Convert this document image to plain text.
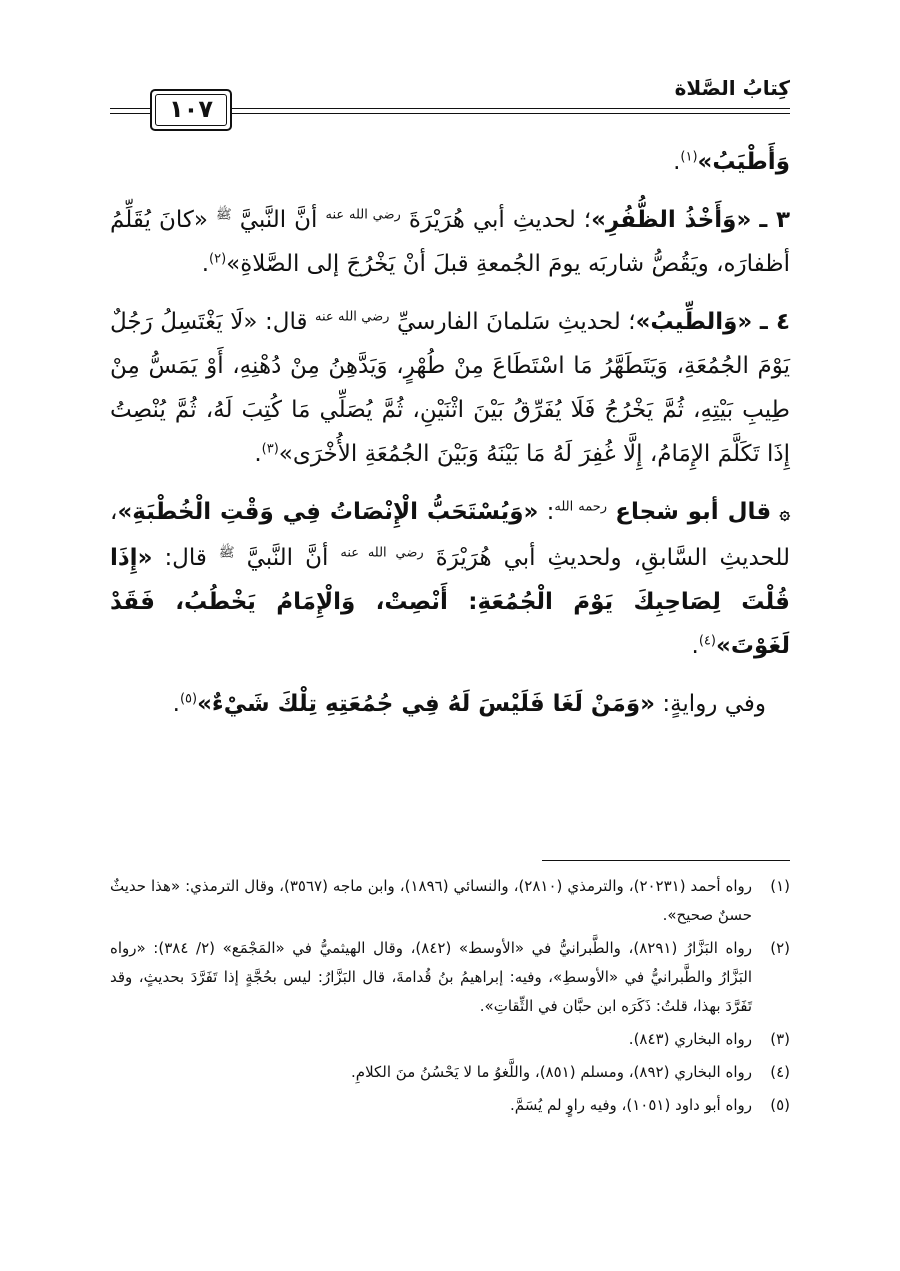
كِتابُ الصَّلاة
١٠٧

وَأَطْيَبُ»$^{(١)}$.

٣ ـ «وَأَخْذُ الظُّفُرِ»؛ لحديثِ أبي هُرَيْرَةَ $^{رضي الله عنه}$ أنَّ النَّبيَّ $^ﷺ$ «كانَ يُقَلِّمُ أظفارَه، ويَقُصُّ شاربَه يومَ الجُمعةِ قبلَ أنْ يَخْرُجَ إلى الصَّلاةِ»$^{(٢)}$.

٤ ـ «وَالطِّيبُ»؛ لحديثِ سَلمانَ الفارسيِّ $^{رضي الله عنه}$ قال: «لَا يَغْتَسِلُ رَجُلٌ يَوْمَ الجُمُعَةِ، وَيَتَطَهَّرُ مَا اسْتَطَاعَ مِنْ طُهْرٍ، وَيَدَّهِنُ مِنْ دُهْنِهِ، أَوْ يَمَسُّ مِنْ طِيبِ بَيْتِهِ، ثُمَّ يَخْرُجُ فَلَا يُفَرِّقُ بَيْنَ اثْنَيْنِ، ثُمَّ يُصَلِّي مَا كُتِبَ لَهُ، ثُمَّ يُنْصِتُ إِذَا تَكَلَّمَ الإِمَامُ، إِلَّا غُفِرَ لَهُ مَا بَيْنَهُ وَبَيْنَ الجُمُعَةِ الأُخْرَى»$^{(٣)}$.

۞ قال أبو شجاع $^{رحمه الله}$: «وَيُسْتَحَبُّ الْإِنْصَاتُ فِي وَقْتِ الْخُطْبَةِ»، للحديثِ السَّابقِ، ولحديثِ أبي هُرَيْرَةَ $^{رضي الله عنه}$ أنَّ النَّبيَّ $^ﷺ$ قال: «إِذَا قُلْتَ لِصَاحِبِكَ يَوْمَ الْجُمُعَةِ: أَنْصِتْ، وَالْإِمَامُ يَخْطُبُ، فَقَدْ لَغَوْتَ»$^{(٤)}$.

وفي روايةٍ: «وَمَنْ لَغَا فَلَيْسَ لَهُ فِي جُمُعَتِهِ تِلْكَ شَيْءٌ»$^{(٥)}$.

(١)
رواه أحمد (٢٠٢٣١)، والترمذي (٢٨١٠)، والنسائي (١٨٩٦)، وابن ماجه (٣٥٦٧)، وقال الترمذي: «هذا حديثٌ حسنٌ صحيح».
(٢)
رواه البَزَّارُ (٨٢٩١)، والطَّبرانيُّ في «الأوسط» (٨٤٢)، وقال الهيثميُّ في «المَجْمَع» (٢/ ٣٨٤): «رواه البَزَّارُ والطَّبرانيُّ في «الأوسطِ»، وفيه: إبراهيمُ بنُ قُدامةَ، قال البَزَّارُ: ليس بحُجَّةٍ إذا تَفَرَّدَ بحديثٍ، وقد تَفَرَّدَ بهذا، قلتُ: ذَكَرَه ابن حبَّان في الثِّقاتِ».
(٣)
رواه البخاري (٨٤٣).
(٤)
رواه البخاري (٨٩٢)، ومسلم (٨٥١)، واللَّغوُ ما لا يَحْسُنُ منَ الكلامِ.
(٥)
رواه أبو داود (١٠٥١)، وفيه راوٍ لم يُسَمَّ.
